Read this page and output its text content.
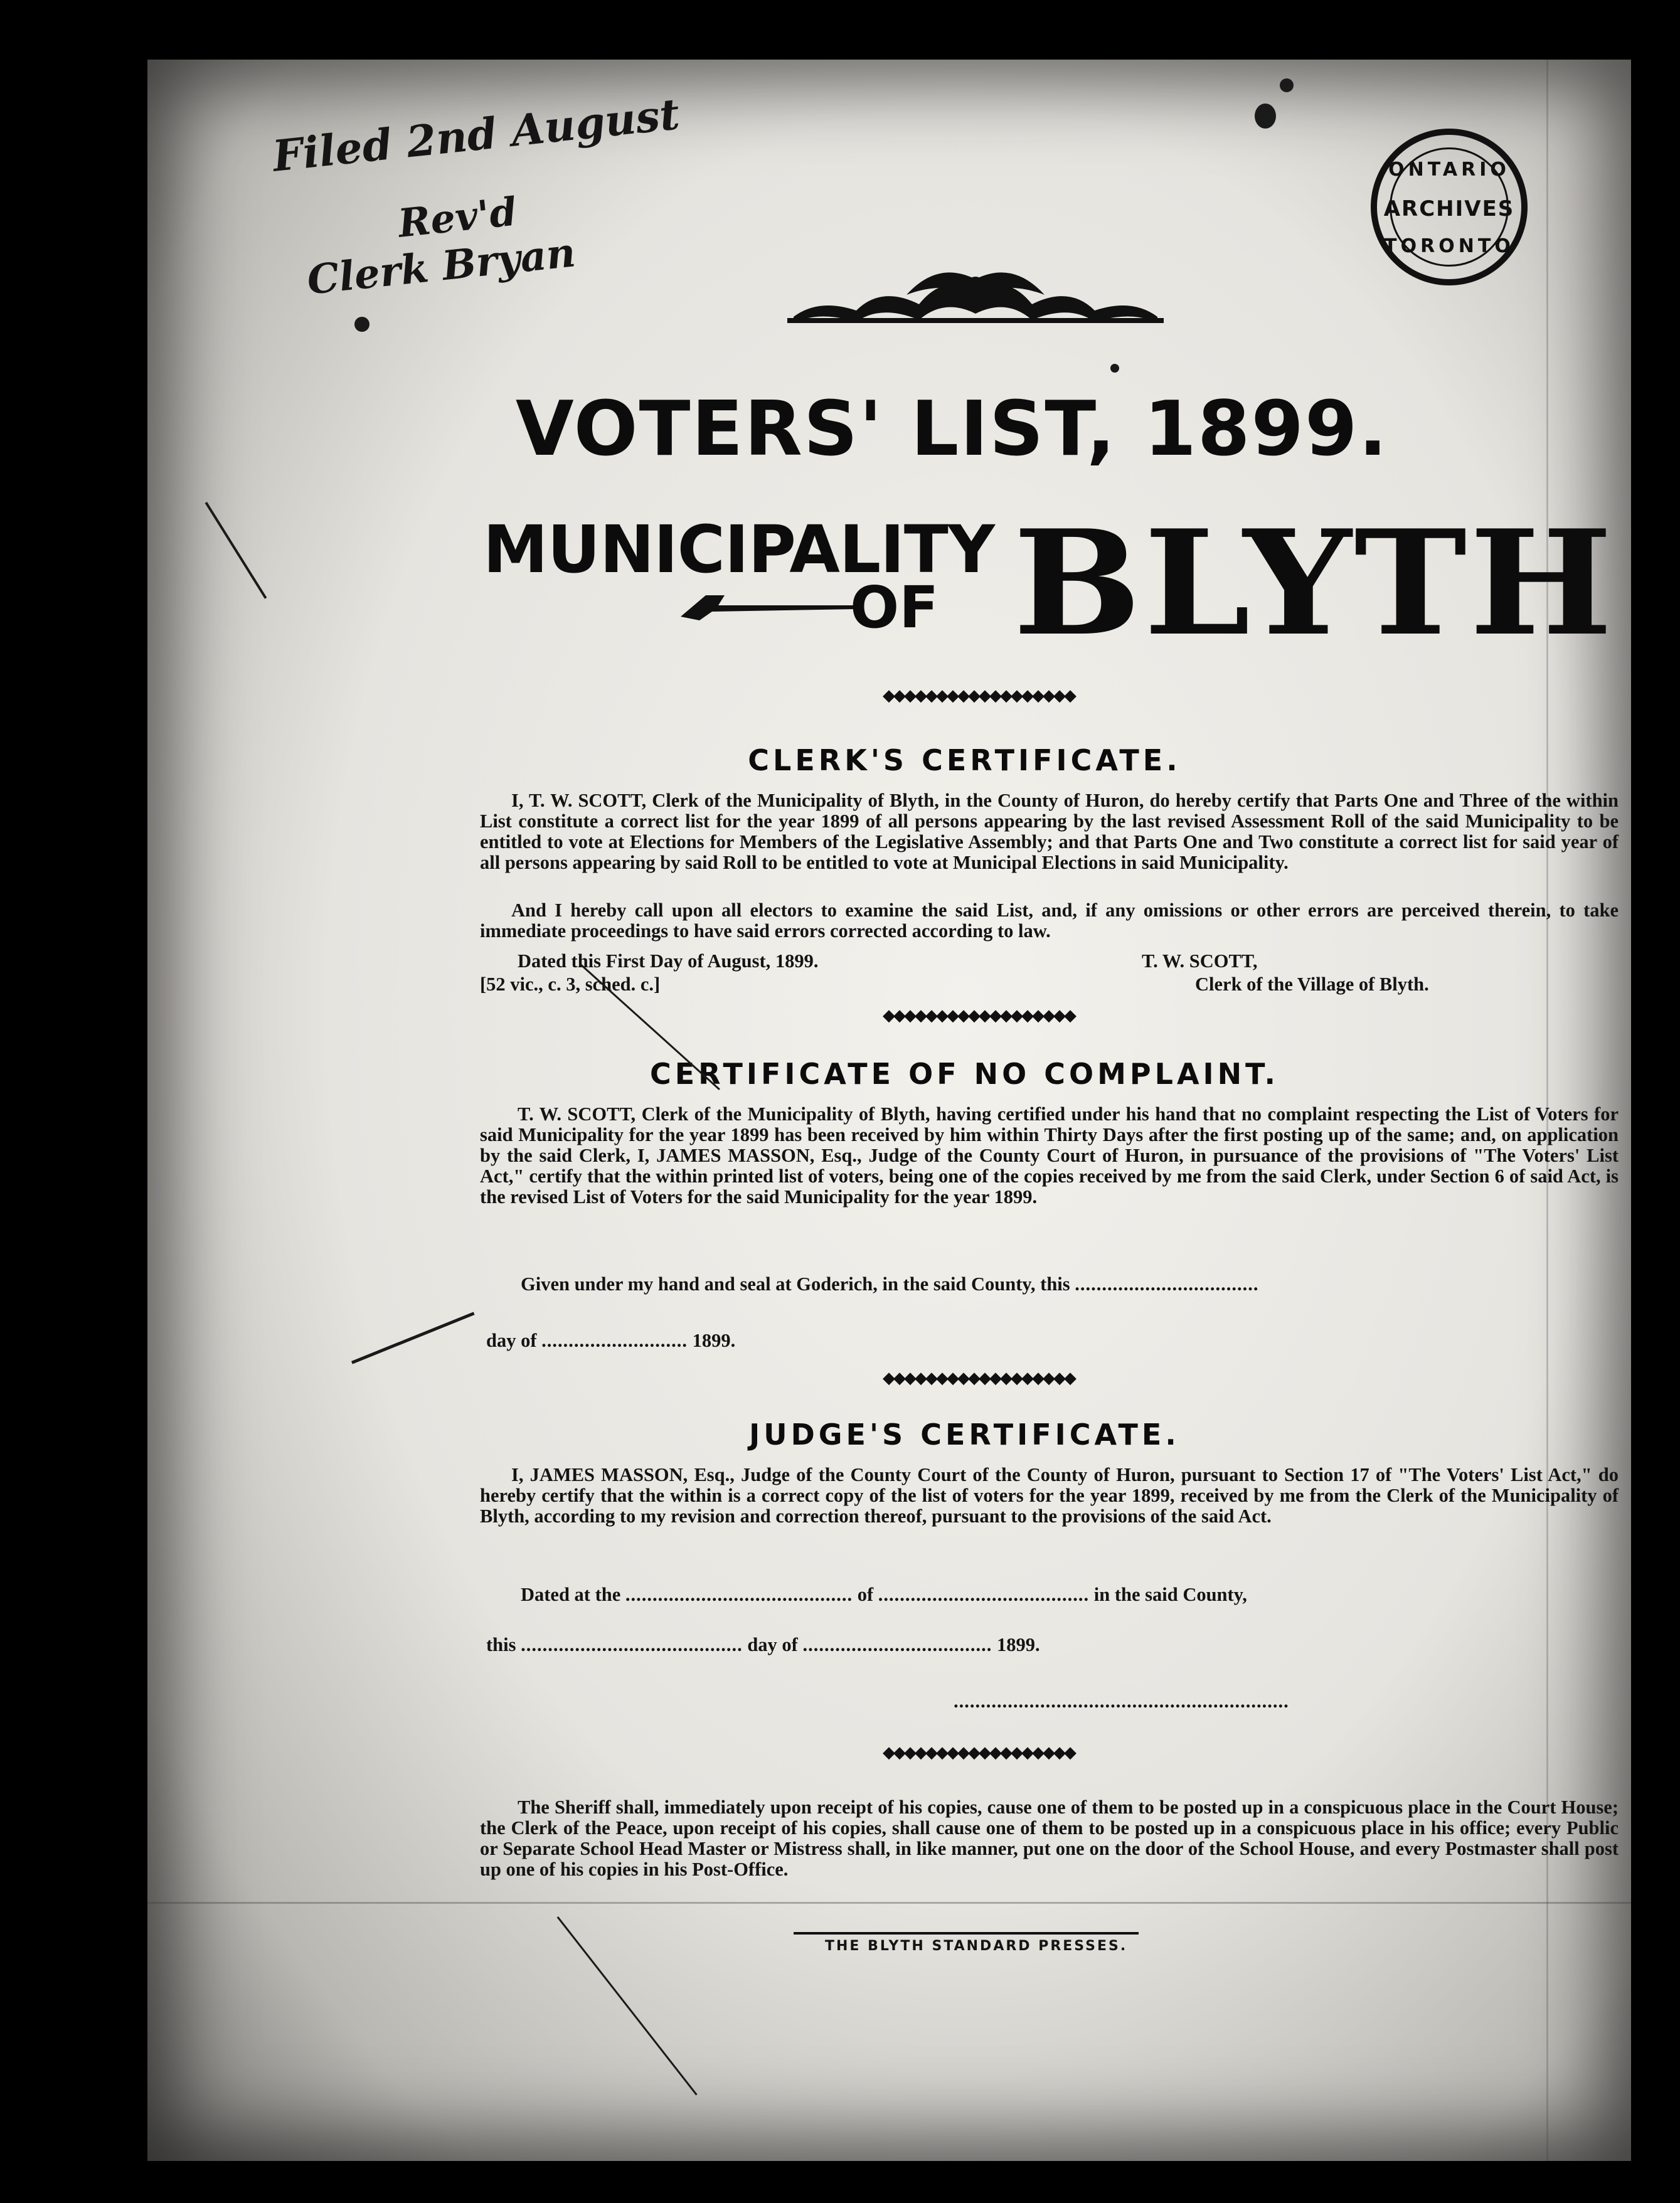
Filed 2nd August
Rev'd
Clerk Bryan
ONTARIO
ARCHIVES
TORONTO
VOTERS' LIST, 1899.
MUNICIPALITY
OF BLYTH
◆◆◆◆◆◆◆◆◆◆◆◆◆◆◆◆◆◆
CLERK'S CERTIFICATE.
I, T. W. SCOTT, Clerk of the Municipality of Blyth, in the County of Huron, do hereby certify that Parts One and Three of the within List constitute a correct list for the year 1899 of all persons appearing by the last revised Assessment Roll of the said Municipality to be entitled to vote at Elections for Members of the Legislative Assembly; and that Parts One and Two constitute a correct list for said year of all persons appearing by said Roll to be entitled to vote at Municipal Elections in said Municipality.
And I hereby call upon all electors to examine the said List, and, if any omissions or other errors are perceived therein, to take immediate proceedings to have said errors corrected according to law.
Dated this First Day of August, 1899.
[52 vic., c. 3, sched. c.]
T. W. SCOTT,
Clerk of the Village of Blyth.
◆◆◆◆◆◆◆◆◆◆◆◆◆◆◆◆◆◆
CERTIFICATE OF NO COMPLAINT.
T. W. SCOTT, Clerk of the Municipality of Blyth, having certified under his hand that no complaint respecting the List of Voters for said Municipality for the year 1899 has been received by him within Thirty Days after the first posting up of the same; and, on application by the said Clerk, I, JAMES MASSON, Esq., Judge of the County Court of Huron, in pursuance of the provisions of "The Voters' List Act," certify that the within printed list of voters, being one of the copies received by me from the said Clerk, under Section 6 of said Act, is the revised List of Voters for the said Municipality for the year 1899.
Given under my hand and seal at Goderich, in the said County, this ..................................
day of ........................... 1899.
◆◆◆◆◆◆◆◆◆◆◆◆◆◆◆◆◆◆
JUDGE'S CERTIFICATE.
I, JAMES MASSON, Esq., Judge of the County Court of the County of Huron, pursuant to Section 17 of "The Voters' List Act," do hereby certify that the within is a correct copy of the list of voters for the year 1899, received by me from the Clerk of the Municipality of Blyth, according to my revision and correction thereof, pursuant to the provisions of the said Act.
Dated at the .......................................... of ....................................... in the said County,
this ......................................... day of ................................... 1899.
..............................................................
◆◆◆◆◆◆◆◆◆◆◆◆◆◆◆◆◆◆
The Sheriff shall, immediately upon receipt of his copies, cause one of them to be posted up in a conspicuous place in the Court House; the Clerk of the Peace, upon receipt of his copies, shall cause one of them to be posted up in a conspicuous place in his office; every Public or Separate School Head Master or Mistress shall, in like manner, put one on the door of the School House, and every Postmaster shall post up one of his copies in his Post-Office.
THE BLYTH STANDARD PRESSES.
